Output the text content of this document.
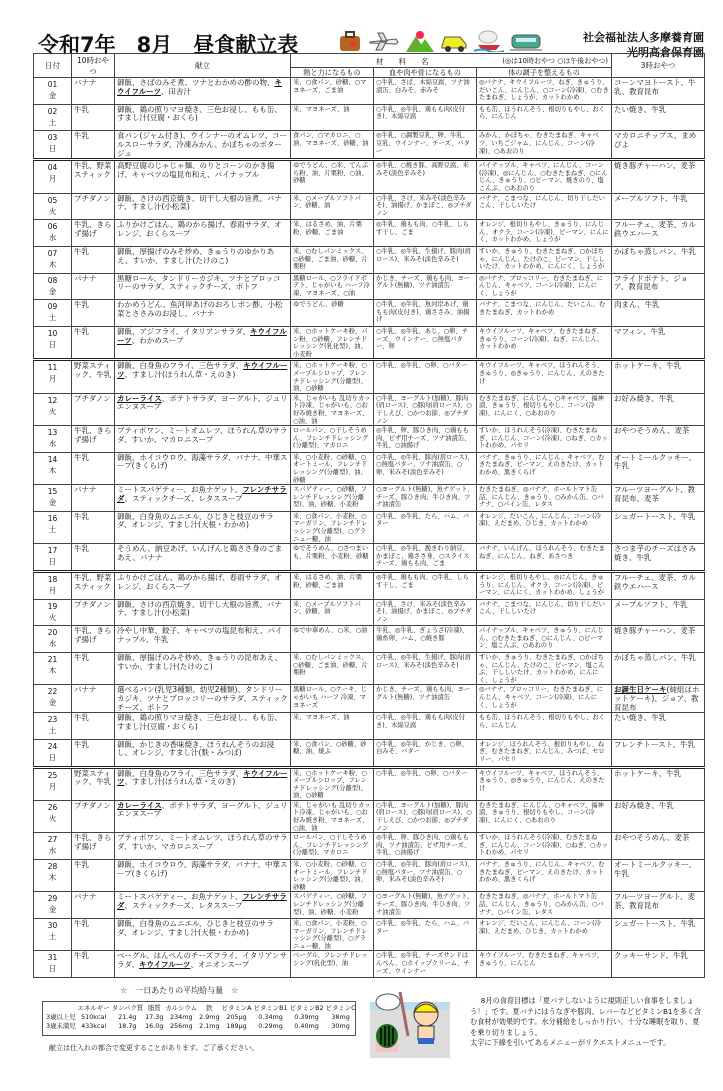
令和7年　8月　昼食献立表	社会福祉法人多摩養育園
光明高倉保育園
日付	10時おやつ	献立	材　　料　　名 (◎は10時おやつ ○は午後おやつ)			3時おやつ
			熱と力になるもの	血や肉や骨になるもの	体の調子を整えるもの	

01
金	バナナ	御飯、さばのみそ煮、ツナとわかめの酢の物、キウイフルーツ、田舎汁	米、○食パン、砂糖、○マヨネーズ、ごま油	○牛乳、さば、木綿豆腐、ツナ油漬缶、白みそ、赤みそ	◎バナナ、キウイフルーツ、ねぎ、きゅうり、だいこん、にんじん、○コーン(冷凍)、○むきたまねぎ、しょうが、カットわかめ	コーンマヨトースト、牛乳、教育昆布

02
土	牛乳	御飯、鶏の照りマヨ焼き、三色お浸し、もも缶、すまし汁(豆腐・おくら)	米、マヨネーズ、油	○牛乳、◎牛乳、鶏もも肉(皮付き)、木綿豆腐	もも缶、ほうれんそう、根切りもやし、おくら、にんじん	たい焼き、牛乳

03
日	牛乳	食パン(ジャム付き)、ウインナーのオムレツ、コールスローサラダ、冷凍みかん、かぼちゃのポタージュ	食パン、○マカロニ、○油、マヨネーズ、砂糖、油	◎牛乳、○調製豆乳、卵、牛乳、豆乳、ウインナー、チーズ、バター	みかん、かぼちゃ、むきたまねぎ、キャベツ、いちごジャム、にんじん、コーン(冷凍)、○あおのり	マカロニチップス、まめぴよ

04
月	牛乳、野菜スティック	高野豆腐のじゃじゃ麺、のりとコーンのかき揚げ、キャベツの塩昆布和え、パイナップル	ゆでうどん、○米、てんぷら粉、油、片栗粉、○油、砂糖	◎牛乳、○焼き豚、高野豆腐、米みそ(淡色辛みそ)	パイナップル、キャベツ、にんじん、コーン(冷凍)、◎にんじん、○むきたまねぎ、○にんじん、きゅうり、○ピーマン、焼きのり、塩こんぶ、○あおのり	焼き豚チャーハン、麦茶

05
火	プチダノン	御飯、さけの西京焼き、切干し大根の旨煮、バナナ、すまし汁(小松菜)	米、○メープルソフトパン、砂糖、油	○牛乳、さけ、米みそ(淡色辛みそ)、油揚げ、かまぼこ、◎プチダノン	バナナ、こまつな、にんじん、切り干しだいこん、干ししいたけ	メープルソフト、牛乳

06
水	牛乳、きらず揚げ	ふりかけごはん、鶏のから揚げ、春雨サラダ、オレンジ、おくらスープ	米、はるさめ、油、片栗粉、砂糖、ごま油	◎牛乳、鶏もも肉、○牛乳、しらす干し、ごま	オレンジ、根切りもやし、きゅうり、にんじん、オクラ、コーン(冷凍)、ピーマン、にんにく、カットわかめ、しょうが	フルーチェ、麦茶、カル鉄ウエハース

07
木	牛乳	御飯、厚揚げのみそ炒め、きゅうりのゆかりあえ、すいか、すまし汁(たけのこ)	米、○むしパンミックス、○砂糖、ごま油、砂糖、片栗粉	○牛乳、◎牛乳、生揚げ、豚肉(肩ロース)、米みそ(淡色辛みそ)	すいか、きゅうり、むきたまねぎ、○かぼちゃ、にんじん、たけのこ、ピーマン、干ししいたけ、カットわかめ、にんにく、しょうが	かぼちゃ蒸しパン、牛乳

08
金	バナナ	黒糖ロール、タンドリーカジキ、ツナとブロッコリーのサラダ、スティックチーズ、ポトフ	黒糖ロール、○フライドポテト、じゃがいも ハーフ冷凍、マヨネーズ、○油	かじき、チーズ、鶏もも肉、ヨーグルト(無糖)、ツナ油漬缶	◎バナナ、ブロッコリー、むきたまねぎ、にんじん、キャベツ、コーン(冷凍)、にんにく、しょうが	フライドポテト、ジョア、教育昆布

09
土	牛乳	わかめうどん、魚河岸あげのおろしポン酢、小松菜とささみのお浸し、バナナ	ゆでうどん、砂糖	○牛乳、◎牛乳、魚河岸あげ、鶏もも肉(皮付き)、鶏ささみ、油揚げ	バナナ、こまつな、にんじん、だいこん、むきたまねぎ、カットわかめ	肉まん、牛乳

10
日	牛乳	御飯、アジフライ、イタリアンサラダ、キウイフルーツ、わかめスープ	米、○ホットケーキ粉、パン粉、○砂糖、フレンチドレッシング(乳化型)、油、小麦粉	○牛乳、◎牛乳、あじ、○卵、チーズ、ウインナー、○無塩バター、卵	キウイフルーツ、キャベツ、むきたまねぎ、きゅうり、コーン(冷凍)、ねぎ、にんじん、カットわかめ	マフィン、牛乳

11
月	野菜スティック、牛乳	御飯、白身魚のフライ、三色サラダ、キウイフルーツ、すまし汁(ほうれん草・えのき)	米、○ホットケーキ粉、○メープルシロップ、フレンチドレッシング(分離型)、油、○砂糖	○牛乳、◎牛乳、○卵、○バター	キウイフルーツ、キャベツ、ほうれんそう、きゅうり、◎きゅうり、にんじん、えのきたけ	ホットケーキ、牛乳

12
火	プチダノン	カレーライス、ポテトサラダ、ヨーグルト、ジュリエンヌスープ	米、じゃがいも 乱切りカット冷凍、じゃがいも、○お好み焼き粉、マヨネーズ、○油、油	○牛乳、ヨーグルト(加糖)、豚肉(肩ロース)、○豚肉(肩ロース)、○干しえび、○かつお節、◎プチダノン	むきたまねぎ、にんじん、○キャベツ、福神漬、きゅうり、根切りもやし、コーン(冷凍)、にんにく、○あおのり	お好み焼き、牛乳

13
水	牛乳、きらず揚げ	ブティボワン、ミートオムレツ、ほうれん草のサラダ、すいか、マカロニスープ	ロールパン、○干しそうめん、フレンチドレッシング(分離型)、マカロニ	◎牛乳、卵、豚ひき肉、○鶏もも肉、ピザ用チーズ、ツナ油漬缶、牛乳、○油揚げ	すいか、ほうれんそう(冷凍)、むきたまねぎ、にんじん、コーン(冷凍)、○ねぎ、○カットわかめ、パセリ	おやつそうめん、麦茶

14
木	牛乳	御飯、ホイコウロウ、海藻サラダ、バナナ、中華スープ(きくらげ)	米、○小麦粉、○砂糖、○オートミール、フレンチドレッシング(分離型)、油、砂糖	○牛乳、◎牛乳、豚肉(肩ロース)、○無塩バター、ツナ油漬缶、○卵、米みそ(淡色辛みそ)	バナナ、きゅうり、にんじん、キャベツ、むきたまねぎ、ピーマン、えのきたけ、カットわかめ、黒きくらげ	オートミールクッキー、牛乳

15
金	バナナ	ミートスパゲティー、お魚ナゲット、フレンチサラダ、スティックチーズ、レタススープ	スパゲティー、○砂糖、フレンチドレッシング(分離型)、油、砂糖、小麦粉	○ヨーグルト(無糖)、魚ナゲット、チーズ、豚ひき肉、牛ひき肉、ツナ油漬缶	むきたまねぎ、◎バナナ、ホールトマト缶詰、にんじん、きゅうり、○みかん缶、○バナナ、○パイン缶、レタス	フルーツヨーグルト、教育昆布、麦茶

16
土	牛乳	御飯、白身魚のムニエル、ひじきと枝豆のサラダ、オレンジ、すまし汁(大根・わかめ)	米、○食パン、小麦粉、○マーガリン、フレンチドレッシング(分離型)、○グラニュー糖、油	○牛乳、◎牛乳、たら、ハム、バター	オレンジ、だいこん、にんじん、コーン(冷凍)、えだまめ、ひじき、カットわかめ	シュガートースト、牛乳

17
日	牛乳	そうめん、納豆あげ、いんげんと鶏ささ身のごまあえ、バナナ	ゆでそうめん、○さつまいも、片栗粉、小麦粉、砂糖	○牛乳、◎牛乳、挽きわり納豆、かまぼこ、鶏ささ身、○スライスチーズ、鶏もも肉、ごま	バナナ、いんげん、ほうれんそう、むきたまねぎ、にんじん、ねぎ、あさつき	さつま芋のチーズはさみ焼き、牛乳

18
月	牛乳、野菜スティック	ふりかけごはん、鶏のから揚げ、春雨サラダ、オレンジ、おくらスープ	米、はるさめ、油、片栗粉、砂糖、ごま油	◎牛乳、鶏もも肉、○牛乳、しらす干し、ごま	オレンジ、根切りもやし、◎にんじん、きゅうり、にんじん、オクラ、コーン(冷凍)、ピーマン、にんにく、カットわかめ、しょうが	フルーチェ、麦茶、カル鉄ウエハース

19
火	プチダノン	御飯、さけの西京焼き、切干し大根の旨煮、バナナ、すまし汁(小松菜)	米、○メープルソフトパン、砂糖、油	○牛乳、さけ、米みそ(淡色辛みそ)、油揚げ、かまぼこ、◎プチダノン	バナナ、こまつな、にんじん、切り干しだいこん、干ししいたけ	メープルソフト、牛乳

20
水	牛乳、きらず揚げ	冷やし中華、餃子、キャベツの塩昆布和え、パイナップル、牛乳	ゆで中華めん、○米、○油	牛乳、◎牛乳、ぎょうざ(冷凍)、鶏糸卵、ハム、○焼き豚	パイナップル、キャベツ、きゅうり、にんじん、○むきたまねぎ、○にんじん、○ピーマン、塩こんぶ、○あおのり	焼き豚チャーハン、麦茶

21
木	牛乳	御飯、厚揚げのみそ炒め、きゅうりの昆布あえ、すいか、すまし汁(たけのこ)	米、○むしパンミックス、○砂糖、ごま油、砂糖、片栗粉	○牛乳、◎牛乳、生揚げ、豚肉(肩ロース)、米みそ(淡色辛みそ)	すいか、きゅうり、むきたまねぎ、○かぼちゃ、にんじん、たけのこ、ピーマン、塩こんぶ、干ししいたけ、カットわかめ、にんにく、しょうが	かぼちゃ蒸しパン、牛乳

22
金	バナナ	選べるパン(乳児3種類、幼児2種類)、タンドリーカジキ、ツナとブロッコリーのサラダ、スティックチーズ、ポトフ	黒糖ロール、○ケーキ、じゃがいも ハーフ 冷凍、マヨネーズ	かじき、チーズ、鶏もも肉、ヨーグルト(無糖)、ツナ油漬缶	◎バナナ、ブロッコリー、むきたまねぎ、にんじん、キャベツ、コーン(冷凍)、にんにく、しょうが	お誕生日ケーキ(純組はホットケーキ)、ジョア、教育昆布

23
土	牛乳	御飯、鶏の照りマヨ焼き、三色お浸し、もも缶、すまし汁(豆腐・おくら)	米、マヨネーズ、油	○牛乳、◎牛乳、鶏もも肉(皮付き)、木綿豆腐	もも缶、ほうれんそう、根切りもやし、おくら、にんじん	たい焼き、牛乳

24
日	牛乳	御飯、かじきの香味焼き、ほうれんそうのお浸し、オレンジ、すまし汁(麩・みつば)	米、○食パン、○砂糖、砂糖、油、焼ふ	○牛乳、◎牛乳、かじき、○卵、白みそ、バター	オレンジ、ほうれんそう、根切りもやし、ねぎ、むきたまねぎ、にんじん、みつば、セロリー、パセリ	フレンチトースト、牛乳

25
月	野菜スティック、牛乳	御飯、白身魚のフライ、三色サラダ、キウイフルーツ、すまし汁(ほうれん草・えのき)	米、○ホットケーキ粉、○メープルシロップ、フレンチドレッシング(分離型)、油、○砂糖	○牛乳、◎牛乳、○卵、○バター	キウイフルーツ、キャベツ、ほうれんそう、きゅうり、◎きゅうり、にんじん、えのきたけ	ホットケーキ、牛乳

26
火	プチダノン	カレーライス、ポテトサラダ、ヨーグルト、ジュリエンヌスープ	米、じゃがいも 乱切りカット冷凍、じゃがいも、○お好み焼き粉、マヨネーズ、○油、油	○牛乳、ヨーグルト(加糖)、豚肉(肩ロース)、○豚肉(肩ロース)、○干しえび、○かつお節、◎プチダノン	むきたまねぎ、にんじん、○キャベツ、福神漬、きゅうり、根切りもやし、コーン(冷凍)、にんにく、○あおのり	お好み焼き、牛乳

27
水	牛乳、きらず揚げ	ブティボワン、ミートオムレツ、ほうれん草のサラダ、すいか、マカロニスープ	ロールパン、○干しそうめん、フレンチドレッシング(分離型)、マカロニ	◎牛乳、卵、豚ひき肉、○鶏もも肉、ツナ油漬缶、ピザ用チーズ、牛乳、○油揚げ	すいか、ほうれんそう(冷凍)、むきたまねぎ、にんじん、コーン(冷凍)、○ねぎ、○カットわかめ、パセリ	おやつそうめん、麦茶

28
木	牛乳	御飯、ホイコウロウ、海藻サラダ、バナナ、中華スープ(きくらげ)	米、○小麦粉、○砂糖、○オートミール、フレンチドレッシング(分離型)、油、砂糖	○牛乳、◎牛乳、豚肉(肩ロース)、○無塩バター、ツナ油漬缶、○卵、米みそ(淡色辛みそ)	バナナ、きゅうり、にんじん、キャベツ、むきたまねぎ、ピーマン、えのきたけ、カットわかめ、黒きくらげ	オートミールクッキー、牛乳

29
金	バナナ	ミートスパゲティー、お魚ナゲット、フレンチサラダ、スティックチーズ、レタススープ	スパゲティー、○砂糖、フレンチドレッシング(分離型)、油、砂糖、小麦粉	○ヨーグルト(無糖)、魚ナゲット、チーズ、豚ひき肉、牛ひき肉、ツナ油漬缶	むきたまねぎ、◎バナナ、ホールトマト缶詰、にんじん、きゅうり、○みかん缶、○バナナ、○パイン缶、レタス	フルーツヨーグルト、麦茶、教育昆布

30
土	牛乳	御飯、白身魚のムニエル、ひじきと枝豆のサラダ、オレンジ、すまし汁(大根・わかめ)	米、○食パン、小麦粉、○マーガリン、フレンチドレッシング(分離型)、○グラニュー糖、油	○牛乳、◎牛乳、たら、ハム、バター	オレンジ、だいこん、にんじん、コーン(冷凍)、えだまめ、ひじき、カットわかめ	シュガートースト、牛乳

31
日	牛乳	ベーグル、はんぺんのチーズフライ、イタリアンサラダ、キウイフルーツ、オニオンスープ	ベーグル、フレンチドレッシング(乳化型)、油	○牛乳、◎牛乳、チーズサンドはんぺん、○ホイップクリーム、チーズ、ウインナー	キウイフルーツ、むきたまねぎ、キャベツ、きゅうり、にんじん	クッキーサンド、牛乳
☆　一日あたりの平均給与量　☆
	エネルギー	タンパク質	脂質	カルシウム	鉄	ビタミンA	ビタミンB1	ビタミンB2	ビタミンC
3歳以上児	510kcal	21.4g	17.3g	234mg	2.9mg	205μg	0.34mg	0.39mg	38mg
3歳未満児	433kcal	18.7g	16.0g	256mg	2.1mg	189μg	0.29mg	0.40mg	30mg
献立は仕入れの都合で変更することがあります。ご了承ください。
8月の食育目標は「夏バテしないように規則正しい食事をしましょう！」です。夏バテにはうなぎや豚肉、レバーなどビタミンB1を多く含む食材が効果的です。水分補給をしっかり行い、十分な睡眠を取り、夏を乗り切りましょう。
太字に下線を引いてあるメニューがリクエストメニューです。
